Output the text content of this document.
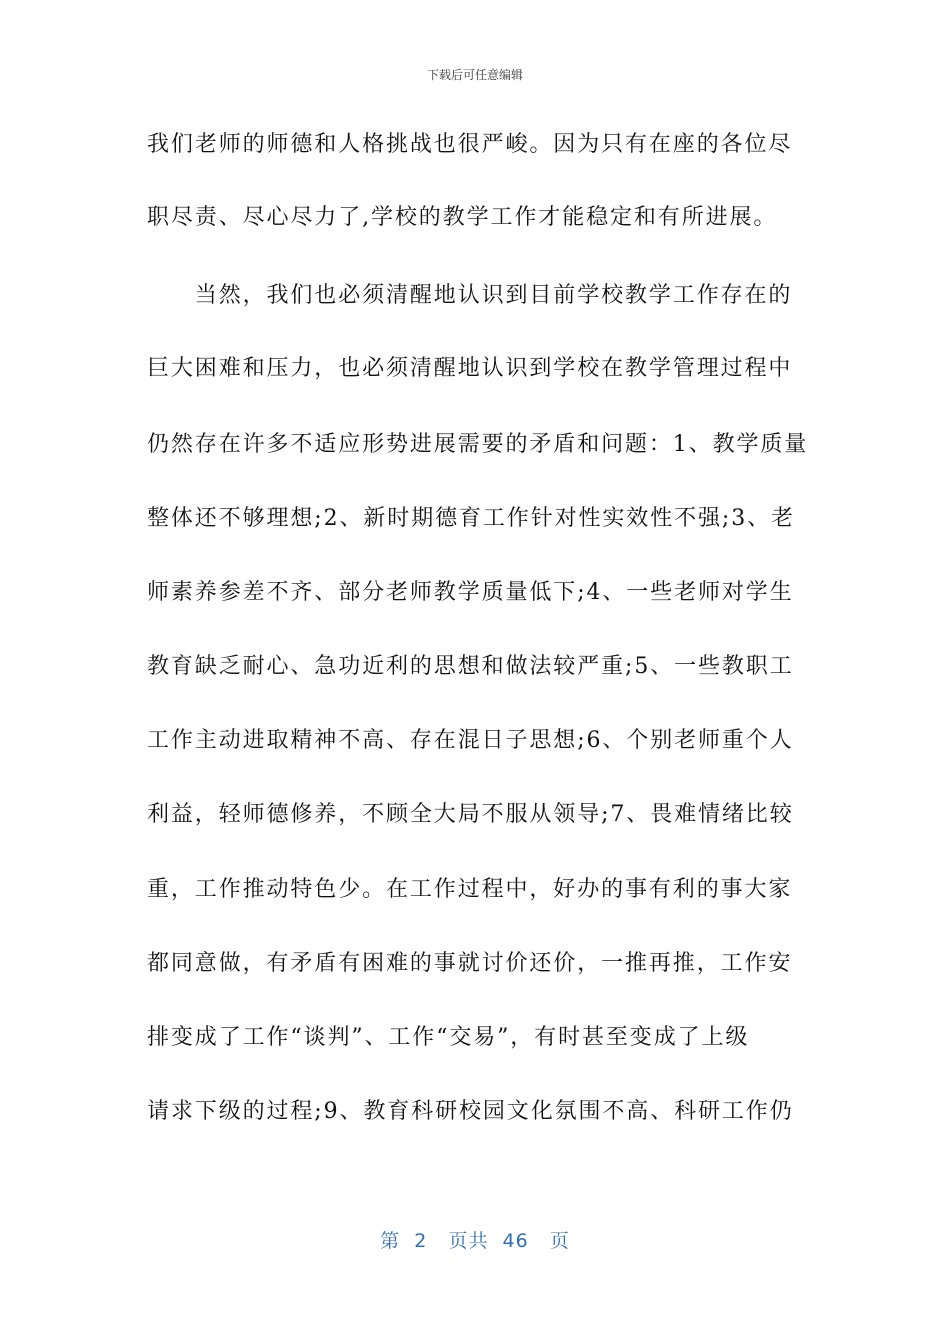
下载后可任意编辑
我们老师的师德和人格挑战也很严峻。因为只有在座的各位尽
职尽责、尽心尽力了,学校的教学工作才能稳定和有所进展。
　　当然，我们也必须清醒地认识到目前学校教学工作存在的
巨大困难和压力，也必须清醒地认识到学校在教学管理过程中
仍然存在许多不适应形势进展需要的矛盾和问题：1、教学质量
整体还不够理想;2、新时期德育工作针对性实效性不强;3、老
师素养参差不齐、部分老师教学质量低下;4、一些老师对学生
教育缺乏耐心、急功近利的思想和做法较严重;5、一些教职工
工作主动进取精神不高、存在混日子思想;6、个别老师重个人
利益，轻师德修养，不顾全大局不服从领导;7、畏难情绪比较
重，工作推动特色少。在工作过程中，好办的事有利的事大家
都同意做，有矛盾有困难的事就讨价还价，一推再推，工作安
排变成了工作“谈判”、工作“交易”，有时甚至变成了上级
请求下级的过程;9、教育科研校园文化氛围不高、科研工作仍
第  2   页共  46   页
